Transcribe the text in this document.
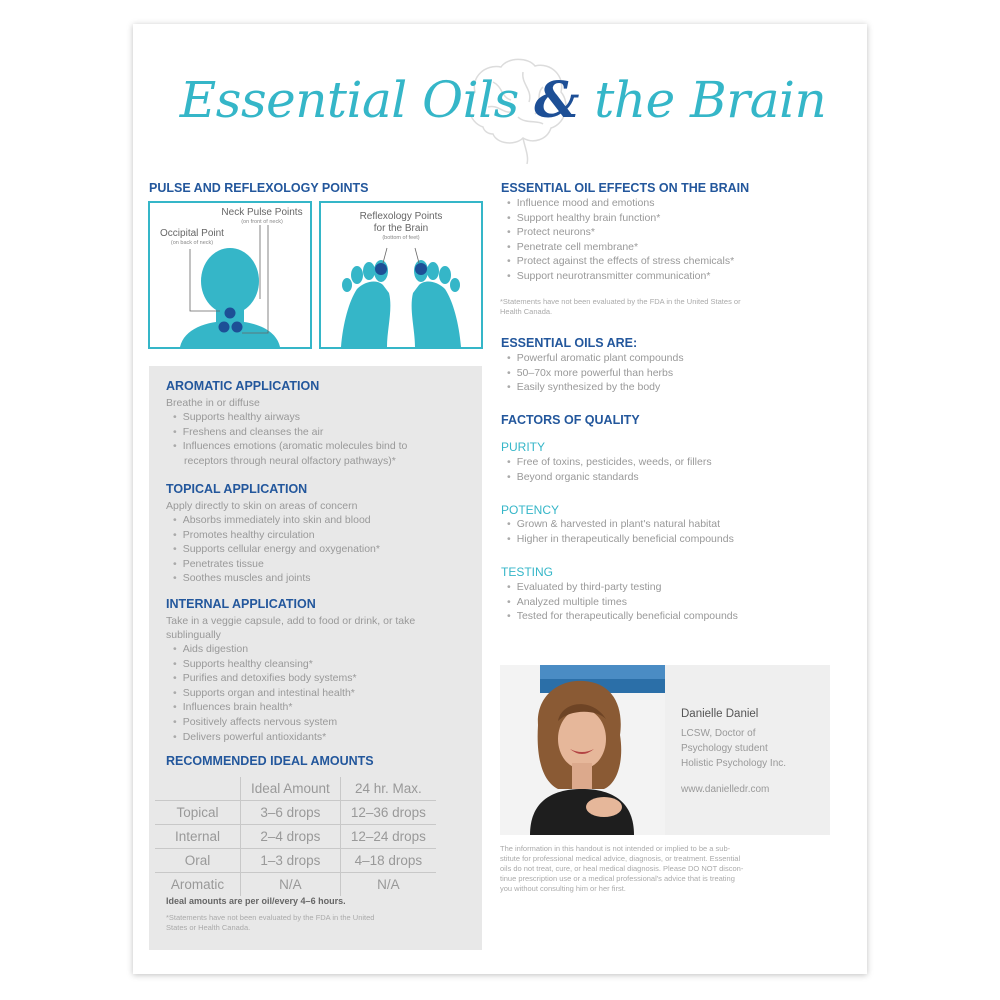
Essential Oils & the Brain

PULSE AND REFLEXOLOGY POINTS

Neck Pulse Points
(on front of neck)

Occipital Point
(on back of neck)

Reflexology Points
for the Brain
(bottom of feet)

AROMATIC APPLICATION

Breathe in or diffuse

• Supports healthy airways
• Freshens and cleanses the air
• Influences emotions (aromatic molecules bind to
receptors through neural olfactory pathways)*

TOPICAL APPLICATION

Apply directly to skin on areas of concern

• Absorbs immediately into skin and blood
• Promotes healthy circulation
• Supports cellular energy and oxygenation*
• Penetrates tissue
• Soothes muscles and joints

INTERNAL APPLICATION

Take in a veggie capsule, add to food or drink, or take
sublingually

• Aids digestion
• Supports healthy cleansing*
• Purifies and detoxifies body systems*
• Supports organ and intestinal health*
• Influences brain health*
• Positively affects nervous system
• Delivers powerful antioxidants*

RECOMMENDED IDEAL AMOUNTS

	Ideal Amount	24 hr. Max.
Topical	3–6 drops	12–36 drops
Internal	2–4 drops	12–24 drops
Oral	1–3 drops	4–18 drops
Aromatic	N/A	N/A

Ideal amounts are per oil/every 4–6 hours.

*Statements have not been evaluated by the FDA in the United
States or Health Canada.

ESSENTIAL OIL EFFECTS ON THE BRAIN

• Influence mood and emotions
• Support healthy brain function*
• Protect neurons*
• Penetrate cell membrane*
• Protect against the effects of stress chemicals*
• Support neurotransmitter communication*

*Statements have not been evaluated by the FDA in the United States or
Health Canada.

ESSENTIAL OILS ARE:

• Powerful aromatic plant compounds
• 50–70x more powerful than herbs
• Easily synthesized by the body

FACTORS OF QUALITY

PURITY

• Free of toxins, pesticides, weeds, or fillers
• Beyond organic standards

POTENCY

• Grown & harvested in plant's natural habitat
• Higher in therapeutically beneficial compounds

TESTING

• Evaluated by third-party testing
• Analyzed multiple times
• Tested for therapeutically beneficial compounds

Danielle Daniel

LCSW, Doctor of

Psychology student

Holistic Psychology Inc.

www.danielledr.com

The information in this handout is not intended or implied to be a sub-
stitute for professional medical advice, diagnosis, or treatment. Essential
oils do not treat, cure, or heal medical diagnosis. Please DO NOT discon-
tinue prescription use or a medical professional's advice that is treating
you without consulting him or her first.
